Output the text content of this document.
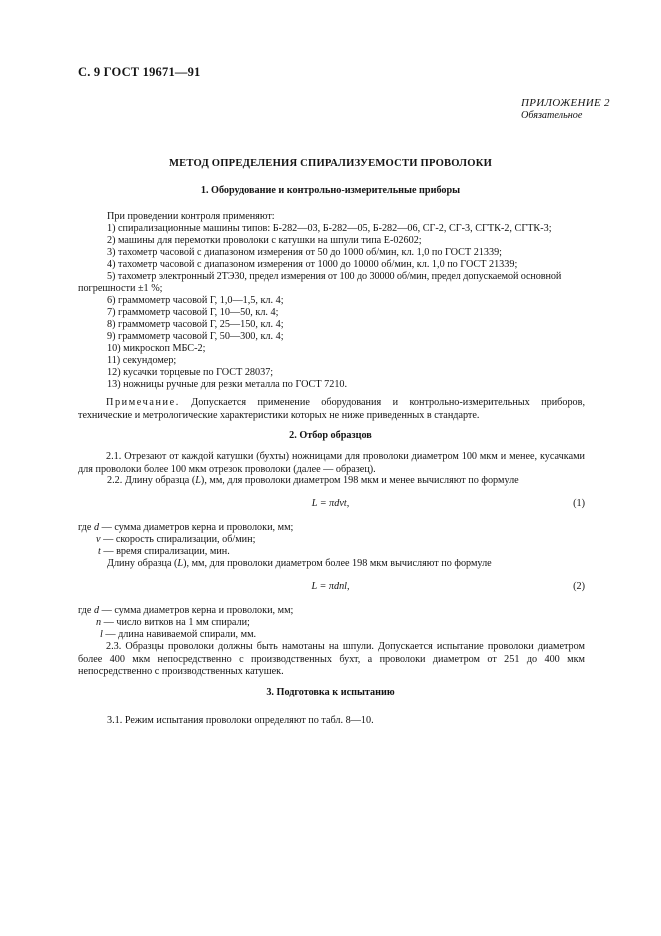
С. 9 ГОСТ 19671—91
ПРИЛОЖЕНИЕ 2
Обязательное
МЕТОД ОПРЕДЕЛЕНИЯ СПИРАЛИЗУЕМОСТИ ПРОВОЛОКИ
1. Оборудование и контрольно-измерительные приборы
При проведении контроля применяют:
1) спирализационные машины типов: Б-282—03, Б-282—05, Б-282—06, СГ-2, СГ-3, СГТК-2, СГТК-3;
2) машины для перемотки проволоки с катушки на шпули типа Е-02602;
3) тахометр часовой с диапазоном измерения от 50 до 1000 об/мин, кл. 1,0 по ГОСТ 21339;
4) тахометр часовой с диапазоном измерения от 1000 до 10000 об/мин, кл. 1,0 по ГОСТ 21339;
5) тахометр электронный 2ТЭ30, предел измерения от 100 до 30000 об/мин, предел допускаемой основной
погрешности ±1 %;
6) граммометр часовой Г, 1,0—1,5, кл. 4;
7) граммометр часовой Г, 10—50, кл. 4;
8) граммометр часовой Г, 25—150, кл. 4;
9) граммометр часовой Г, 50—300, кл. 4;
10) микроскоп МБС-2;
11) секундомер;
12) кусачки торцевые по ГОСТ 28037;
13) ножницы ручные для резки металла по ГОСТ 7210.
Примечание. Допускается применение оборудования и контрольно-измерительных приборов, технические и метрологические характеристики которых не ниже приведенных в стандарте.
2. Отбор образцов
2.1. Отрезают от каждой катушки (бухты) ножницами для проволоки диаметром 100 мкм и менее, кусачками для проволоки более 100 мкм отрезок проволоки (далее — образец).
2.2. Длину образца (L), мм, для проволоки диаметром 198 мкм и менее вычисляют по формуле
L = πdvt,	(1)
где d — сумма диаметров керна и проволоки, мм;
v — скорость спирализации, об/мин;
t — время спирализации, мин.
Длину образца (L), мм, для проволоки диаметром более 198 мкм вычисляют по формуле
L = πdnl,	(2)
где d — сумма диаметров керна и проволоки, мм;
n — число витков на 1 мм спирали;
l — длина навиваемой спирали, мм.
2.3. Образцы проволоки должны быть намотаны на шпули. Допускается испытание проволоки диаметром более 400 мкм непосредственно с производственных бухт, а проволоки диаметром от 251 до 400 мкм непосредственно с производственных катушек.
3. Подготовка к испытанию
3.1. Режим испытания проволоки определяют по табл. 8—10.
